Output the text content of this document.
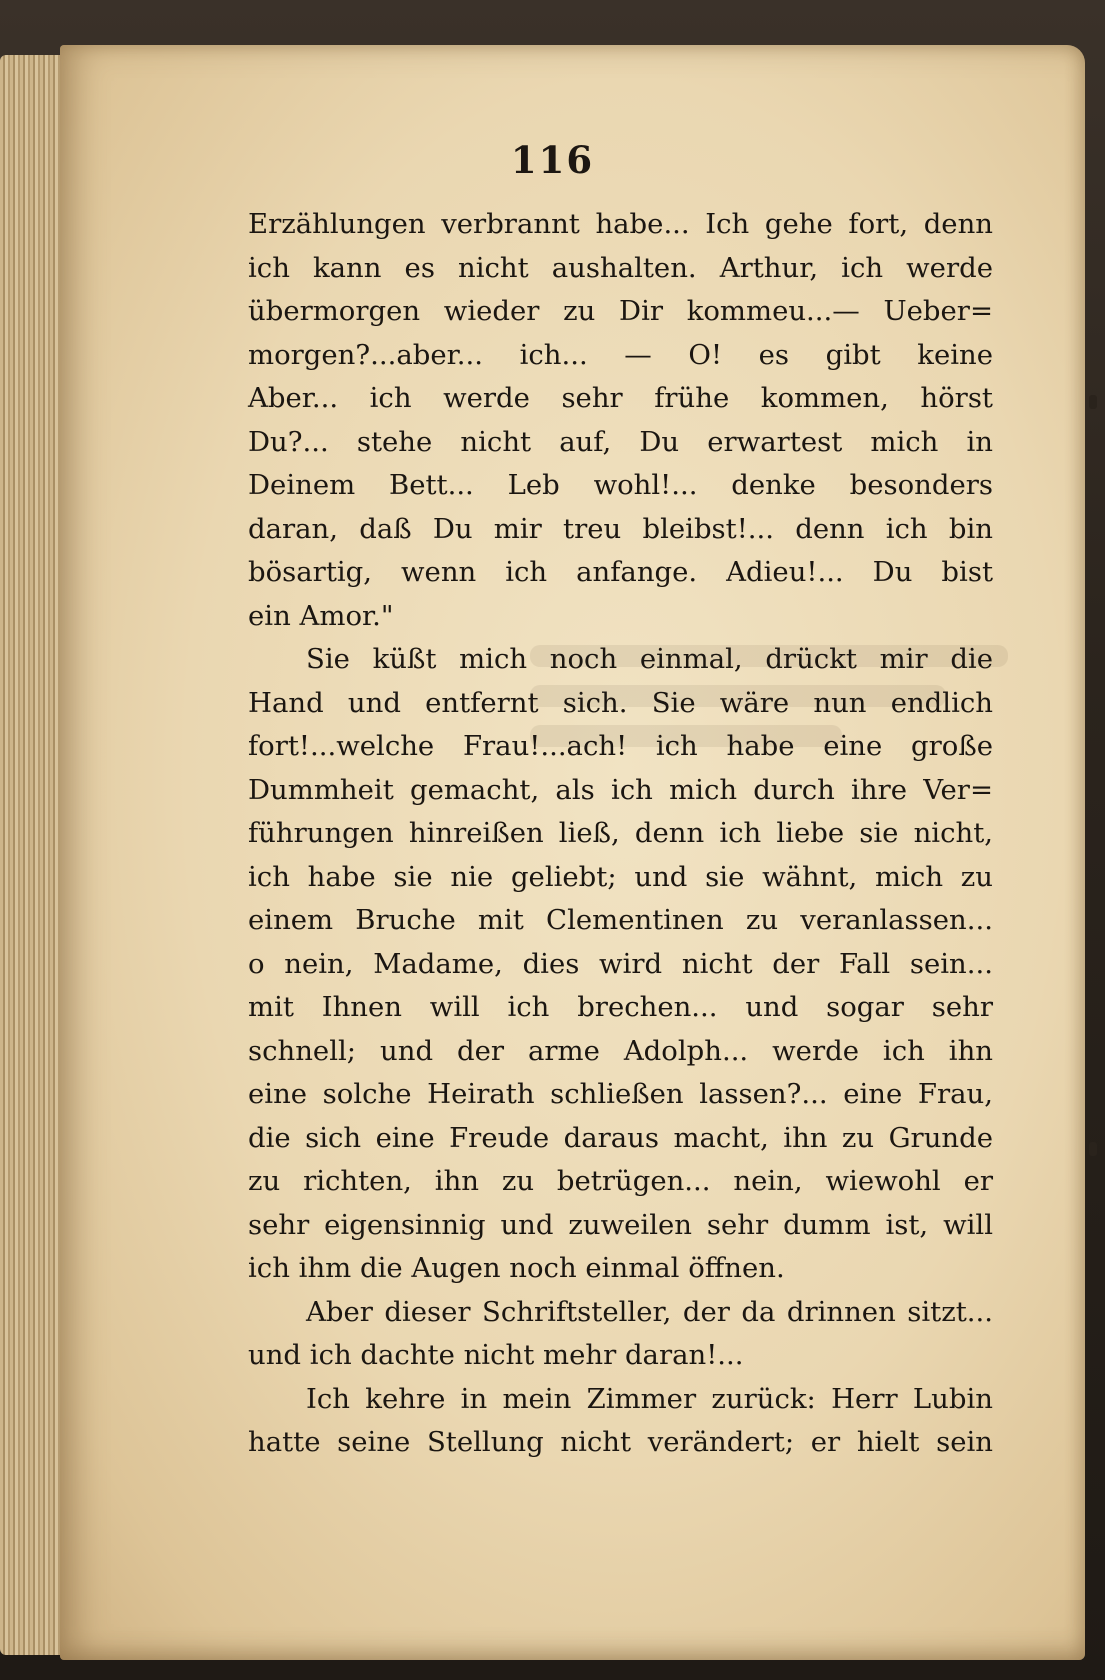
116
Erzählungen verbrannt habe... Ich gehe fort, denn
ich kann es nicht aushalten. Arthur, ich werde
übermorgen wieder zu Dir kommeu...— Ueber=
morgen?...aber... ich... — O! es gibt keine
Aber... ich werde sehr frühe kommen, hörst
Du?... stehe nicht auf, Du erwartest mich in
Deinem Bett... Leb wohl!... denke besonders
daran, daß Du mir treu bleibst!... denn ich bin
bösartig, wenn ich anfange. Adieu!... Du bist
ein Amor."
Sie küßt mich noch einmal, drückt mir die
Hand und entfernt sich. Sie wäre nun endlich
fort!...welche Frau!...ach! ich habe eine große
Dummheit gemacht, als ich mich durch ihre Ver=
führungen hinreißen ließ, denn ich liebe sie nicht,
ich habe sie nie geliebt; und sie wähnt, mich zu
einem Bruche mit Clementinen zu veranlassen...
o nein, Madame, dies wird nicht der Fall sein...
mit Ihnen will ich brechen... und sogar sehr
schnell; und der arme Adolph... werde ich ihn
eine solche Heirath schließen lassen?... eine Frau,
die sich eine Freude daraus macht, ihn zu Grunde
zu richten, ihn zu betrügen... nein, wiewohl er
sehr eigensinnig und zuweilen sehr dumm ist, will
ich ihm die Augen noch einmal öffnen.
Aber dieser Schriftsteller, der da drinnen sitzt...
und ich dachte nicht mehr daran!...
Ich kehre in mein Zimmer zurück: Herr Lubin
hatte seine Stellung nicht verändert; er hielt sein
